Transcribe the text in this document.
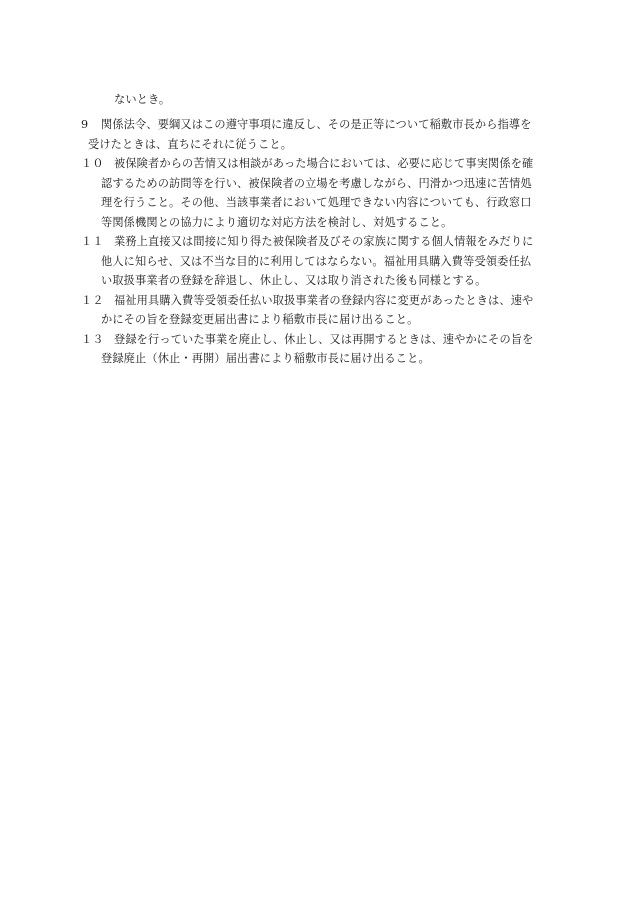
ないとき。
9 関係法令、要綱又はこの遵守事項に違反し、その是正等について稲敷市長から指導を
受けたときは、直ちにそれに従うこと。
１０ 被保険者からの苦情又は相談があった場合においては、必要に応じて事実関係を確
認するための訪問等を行い、被保険者の立場を考慮しながら、円滑かつ迅速に苦情処
理を行うこと。その他、当該事業者において処理できない内容についても、行政窓口
等関係機関との協力により適切な対応方法を検討し、対処すること。
１１ 業務上直接又は間接に知り得た被保険者及びその家族に関する個人情報をみだりに
他人に知らせ、又は不当な目的に利用してはならない。福祉用具購入費等受領委任払
い取扱事業者の登録を辞退し、休止し、又は取り消された後も同様とする。
１２ 福祉用具購入費等受領委任払い取扱事業者の登録内容に変更があったときは、速や
かにその旨を登録変更届出書により稲敷市長に届け出ること。
１３ 登録を行っていた事業を廃止し、休止し、又は再開するときは、速やかにその旨を
登録廃止（休止・再開）届出書により稲敷市長に届け出ること。
